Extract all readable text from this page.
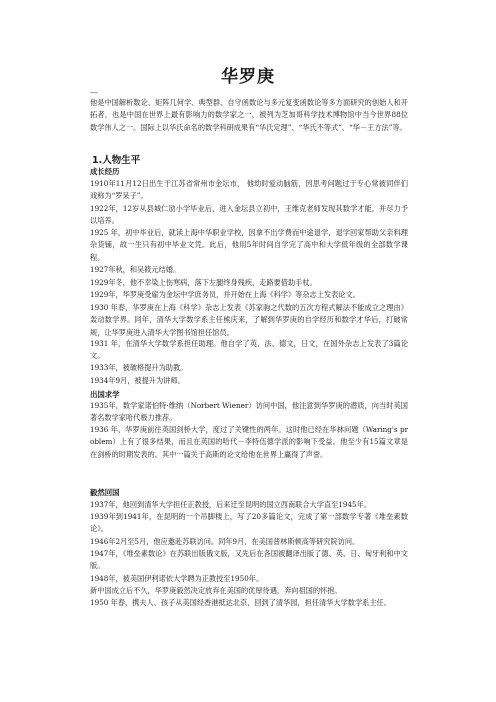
华罗庚
—

他是中国解析数论、矩阵几何学、典型群、自守函数论与多元复变函数论等多方面研究的创始人和开拓者，也是中国在世界上最有影响力的数学家之一，被列为芝加哥科学技术博物馆中当今世界88位数学伟人之一。国际上以华氏命名的数学科研成果有“华氏定理”、“华氏不等式”、“华－王方法”等。

1.人物生平
成长经历

1910年11月12日出生于江苏省常州市金坛市， 他幼时爱动脑筋，因思考问题过于专心常被同伴们戏称为“罗呆子”。

1922年，12岁从县城仁劢小学毕业后，进入金坛县立初中，王维克老师发现其数学才能，并尽力予以培养。

1925 年，初中毕业后，就读上海中华职业学校，因拿不出学费而中途退学，退学回家帮助父亲料理杂货铺，故一生只有初中毕业文凭。此后，他用5年时间自学完了高中和大学低年级的全部数学课程。

1927年秋，和吴筱元结婚。

1929年冬，他不幸染上伤寒病，落下左腿终身残疾，走路要借助手杖。

1929年，华罗庚受雇为金坛中学庶务员，并开始在上海《科学》等杂志上发表论文。

1930 年春，华罗庚在上海《科学》杂志上发表《苏家驹之代数的五次方程式解法不能成立之理由》轰动数学界。同年，清华大学数学系主任熊庆来，了解到华罗庚的自学经历和数学才华后，打破常规，让华罗庚进入清华大学图书馆担任馆员。

1931 年，在清华大学数学系担任助理。他自学了英、法、德文，日文，在国外杂志上发表了3篇论文。

1933年，被破格提升为助教。

1934年9月，被提升为讲师。

出国求学

1935年，数学家诺伯特·维纳（Norbert Wiener）访问中国，他注意到华罗庚的潜质，向当时英国著名数学家哈代极力推荐。

1936 年，华罗庚前往英国剑桥大学，度过了关键性的两年。这时他已经在华林问题（Waring's problem）上有了很多结果，而且在英国的哈代－李特伍德学派的影响下受益。他至少有15篇文章是在剑桥的时期发表的。其中一篇关于高斯的论文给他在世界上赢得了声誉。

毅然回国

1937年，他回到清华大学担任正教授，后来迁至昆明的国立西南联合大学直至1945年。

1939年到1941年，在昆明的一个吊脚楼上，写了20多篇论文，完成了第一部数学专著《堆垒素数论》。

1946年2月至5月，他应邀赴苏联访问。同年9月，在美国普林斯顿高等研究院访问。

1947年，《堆垒素数论》在苏联出版俄文版，又先后在各国被翻译出版了德、英、日、匈牙利和中文版。

1948年，被美国伊利诺依大学聘为正教授至1950年。

新中国成立后不久，华罗庚毅然决定放弃在美国的优厚待遇，奔向祖国的怀抱。

1950 年春，携夫人、孩子从美国经香港抵达北京，回到了清华园，担任清华大学数学系主任。
